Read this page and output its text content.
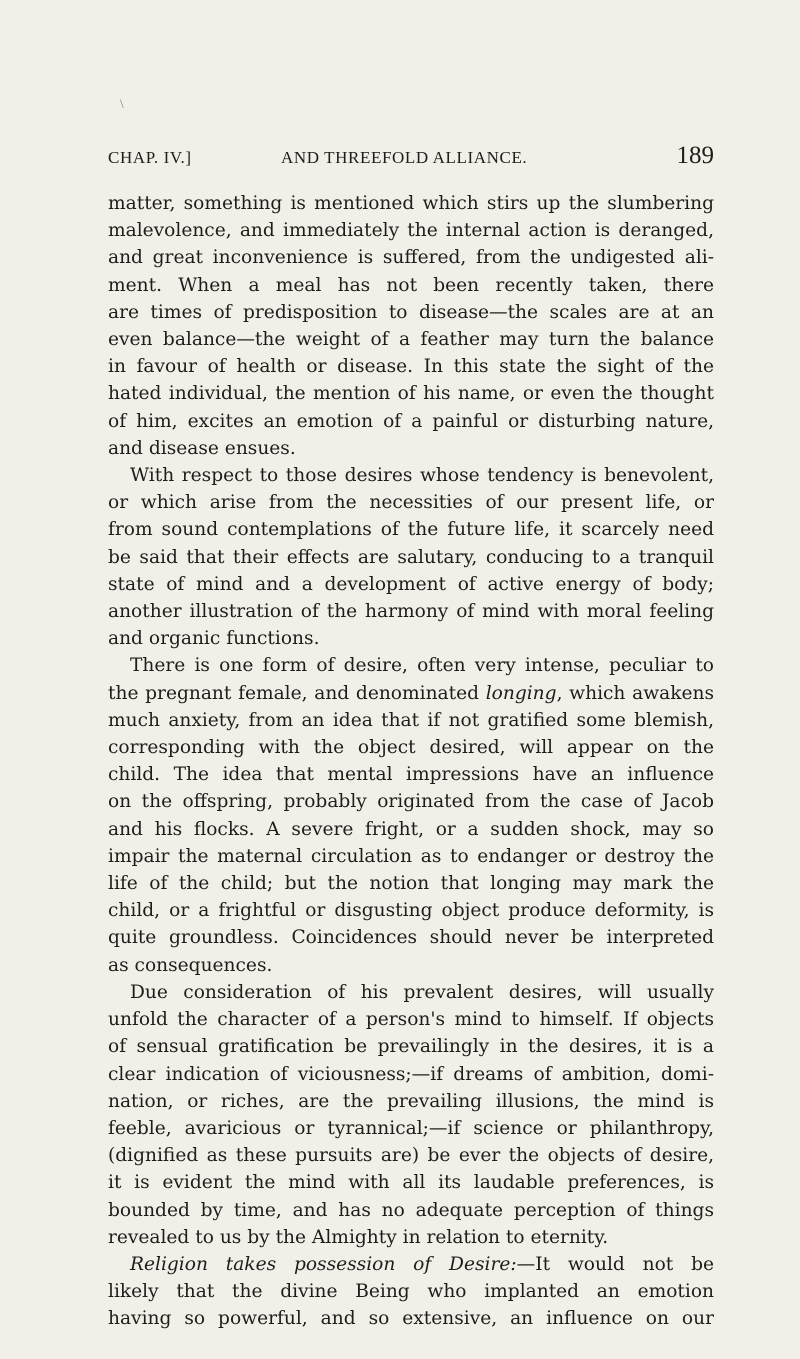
\
CHAP. IV.]	AND THREEFOLD ALLIANCE.	189
matter, something is mentioned which stirs up the slumbering
malevolence, and immediately the internal action is deranged,
and great inconvenience is suffered, from the undigested ali-
ment. When a meal has not been recently taken, there
are times of predisposition to disease—the scales are at an
even balance—the weight of a feather may turn the balance
in favour of health or disease. In this state the sight of the
hated individual, the mention of his name, or even the thought
of him, excites an emotion of a painful or disturbing nature,
and disease ensues.
With respect to those desires whose tendency is benevolent,
or which arise from the necessities of our present life, or
from sound contemplations of the future life, it scarcely need
be said that their effects are salutary, conducing to a tranquil
state of mind and a development of active energy of body;
another illustration of the harmony of mind with moral feeling
and organic functions.
There is one form of desire, often very intense, peculiar to
the pregnant female, and denominated longing, which awakens
much anxiety, from an idea that if not gratified some blemish,
corresponding with the object desired, will appear on the
child. The idea that mental impressions have an influence
on the offspring, probably originated from the case of Jacob
and his flocks. A severe fright, or a sudden shock, may so
impair the maternal circulation as to endanger or destroy the
life of the child; but the notion that longing may mark the
child, or a frightful or disgusting object produce deformity, is
quite groundless. Coincidences should never be interpreted
as consequences.
Due consideration of his prevalent desires, will usually
unfold the character of a person's mind to himself. If objects
of sensual gratification be prevailingly in the desires, it is a
clear indication of viciousness;—if dreams of ambition, domi-
nation, or riches, are the prevailing illusions, the mind is
feeble, avaricious or tyrannical;—if science or philanthropy,
(dignified as these pursuits are) be ever the objects of desire,
it is evident the mind with all its laudable preferences, is
bounded by time, and has no adequate perception of things
revealed to us by the Almighty in relation to eternity.
Religion takes possession of Desire:—It would not be
likely that the divine Being who implanted an emotion
having so powerful, and so extensive, an influence on our
